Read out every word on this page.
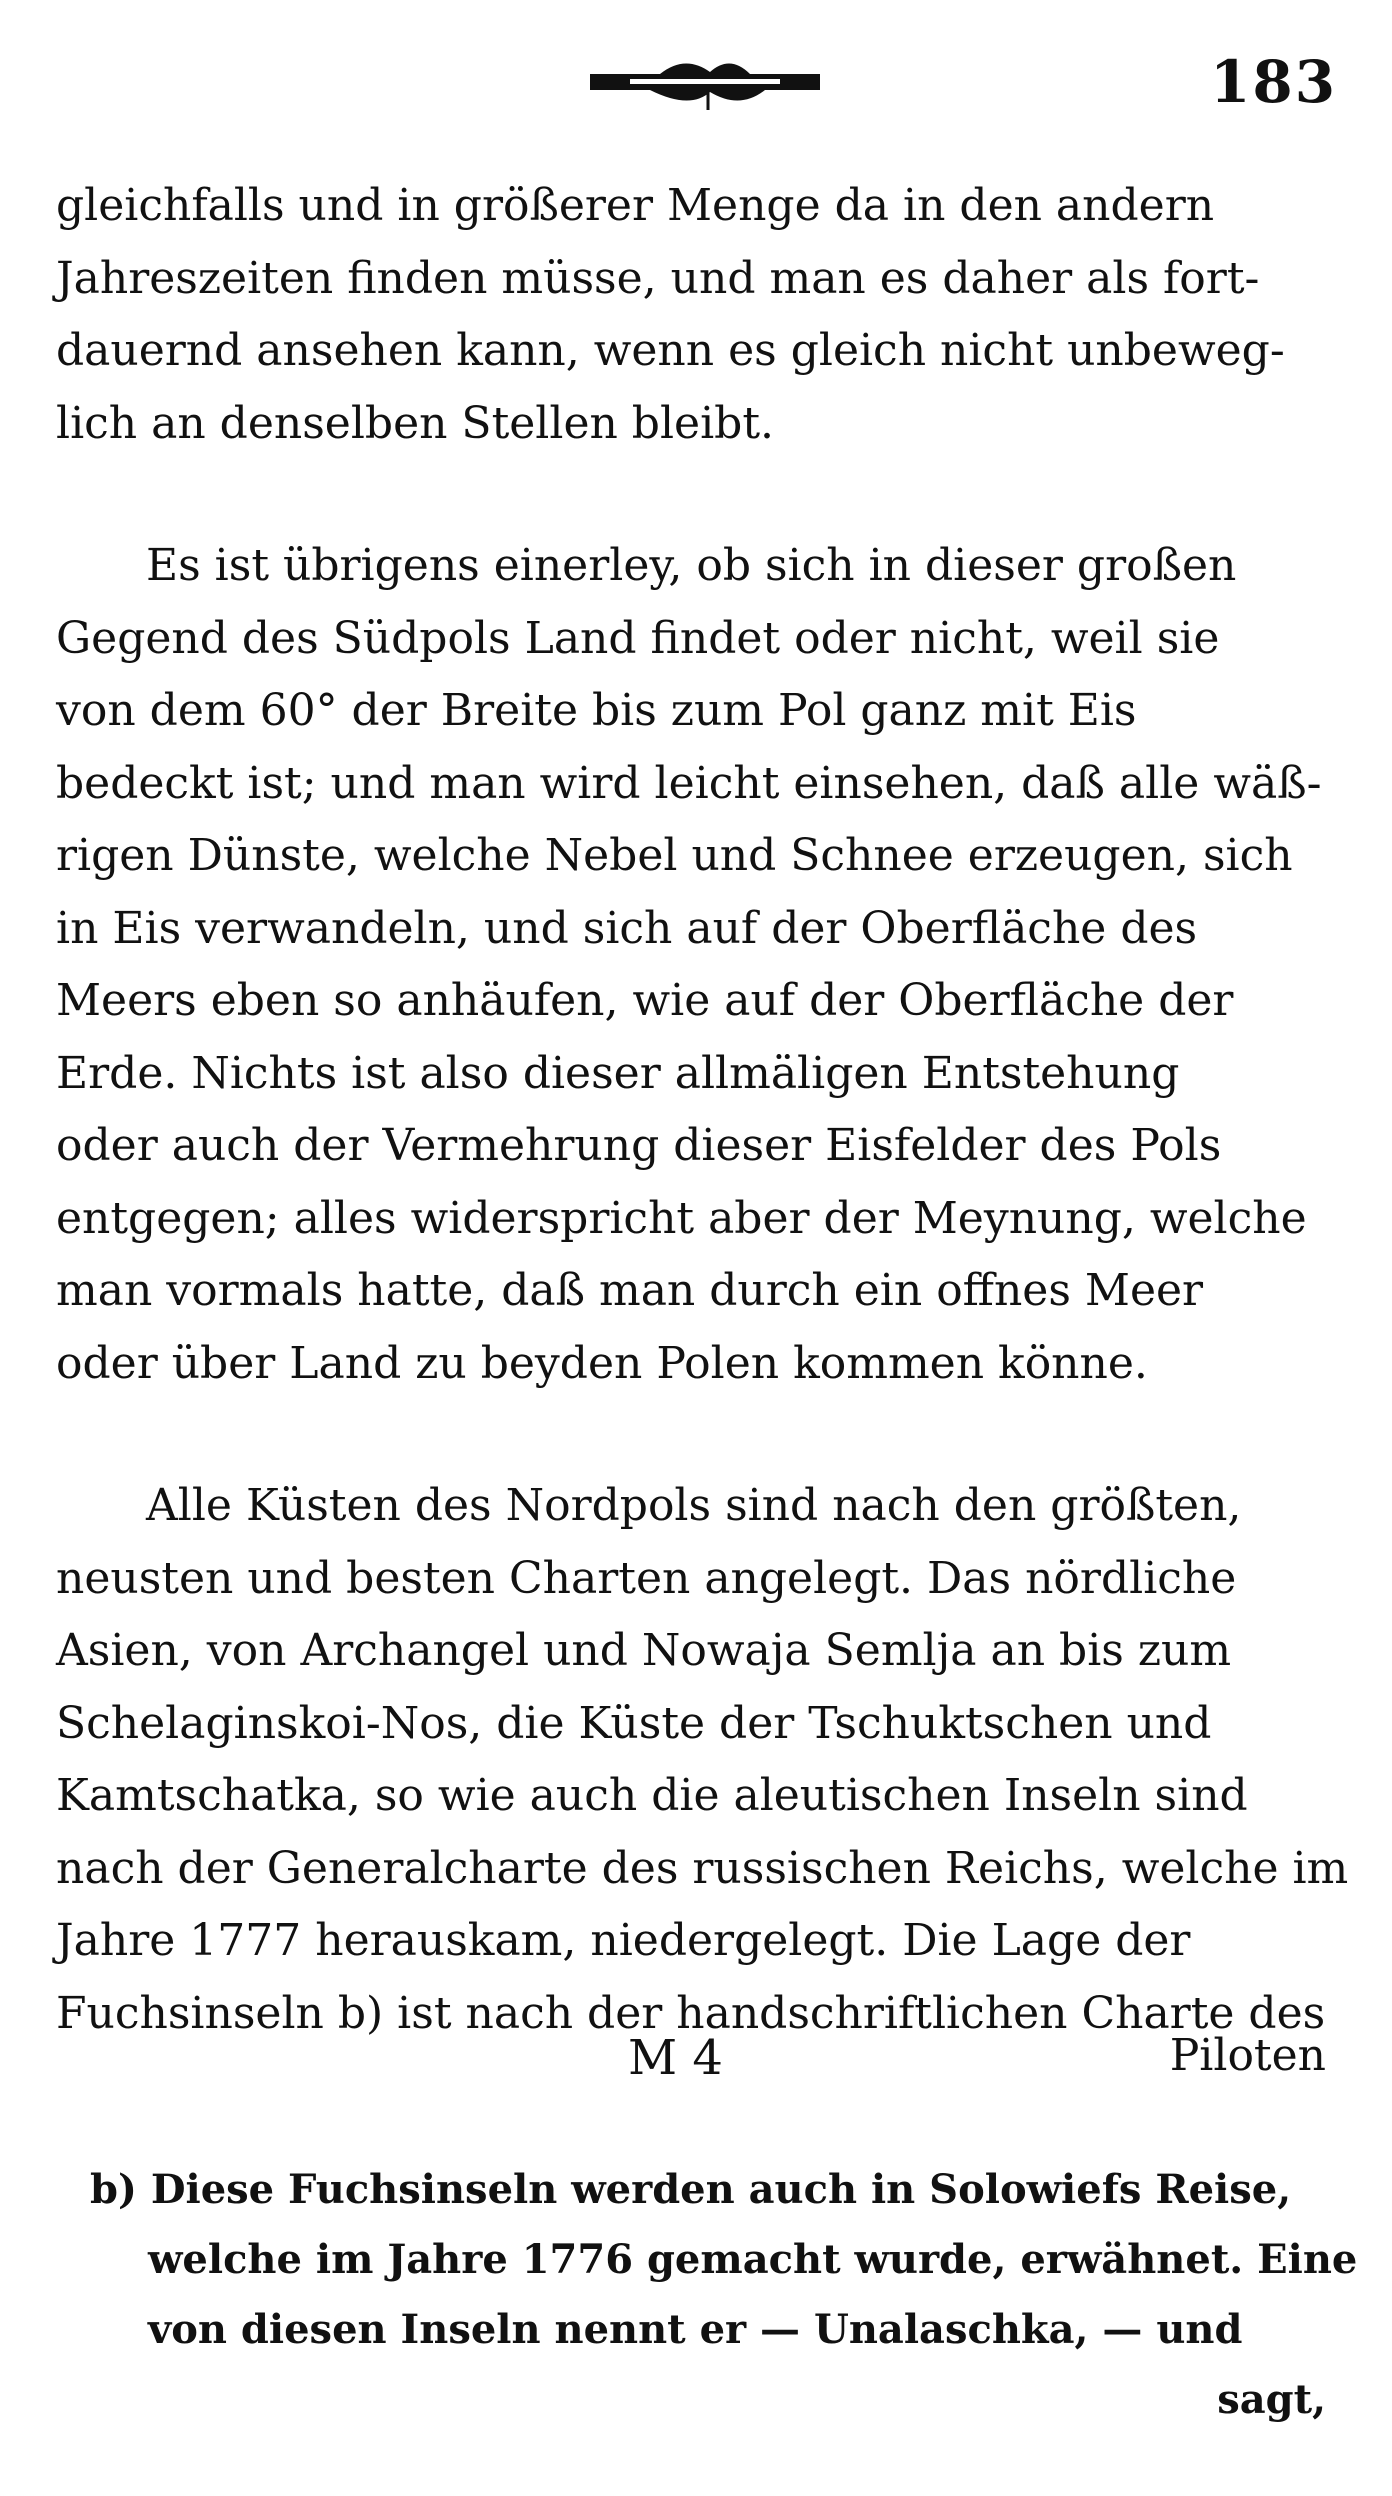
183
gleichfalls und in größerer Menge da in den andern
Jahreszeiten finden müsse, und man es daher als fort-
dauernd ansehen kann, wenn es gleich nicht unbeweg-
lich an denselben Stellen bleibt.
Es ist übrigens einerley, ob sich in dieser großen
Gegend des Südpols Land findet oder nicht, weil sie
von dem 60° der Breite bis zum Pol ganz mit Eis
bedeckt ist; und man wird leicht einsehen, daß alle wäß-
rigen Dünste, welche Nebel und Schnee erzeugen, sich
in Eis verwandeln, und sich auf der Oberfläche des
Meers eben so anhäufen, wie auf der Oberfläche der
Erde. Nichts ist also dieser allmäligen Entstehung
oder auch der Vermehrung dieser Eisfelder des Pols
entgegen; alles widerspricht aber der Meynung, welche
man vormals hatte, daß man durch ein offnes Meer
oder über Land zu beyden Polen kommen könne.
Alle Küsten des Nordpols sind nach den größten,
neusten und besten Charten angelegt. Das nördliche
Asien, von Archangel und Nowaja Semlja an bis zum
Schelaginskoi-Nos, die Küste der Tschuktschen und
Kamtschatka, so wie auch die aleutischen Inseln sind
nach der Generalcharte des russischen Reichs, welche im
Jahre 1777 herauskam, niedergelegt. Die Lage der
Fuchsinseln b) ist nach der handschriftlichen Charte des
M 4	Piloten
b) Diese Fuchsinseln werden auch in Solowiefs Reise,
welche im Jahre 1776 gemacht wurde, erwähnet. Eine
von diesen Inseln nennt er — Unalaschka, — und
sagt,
